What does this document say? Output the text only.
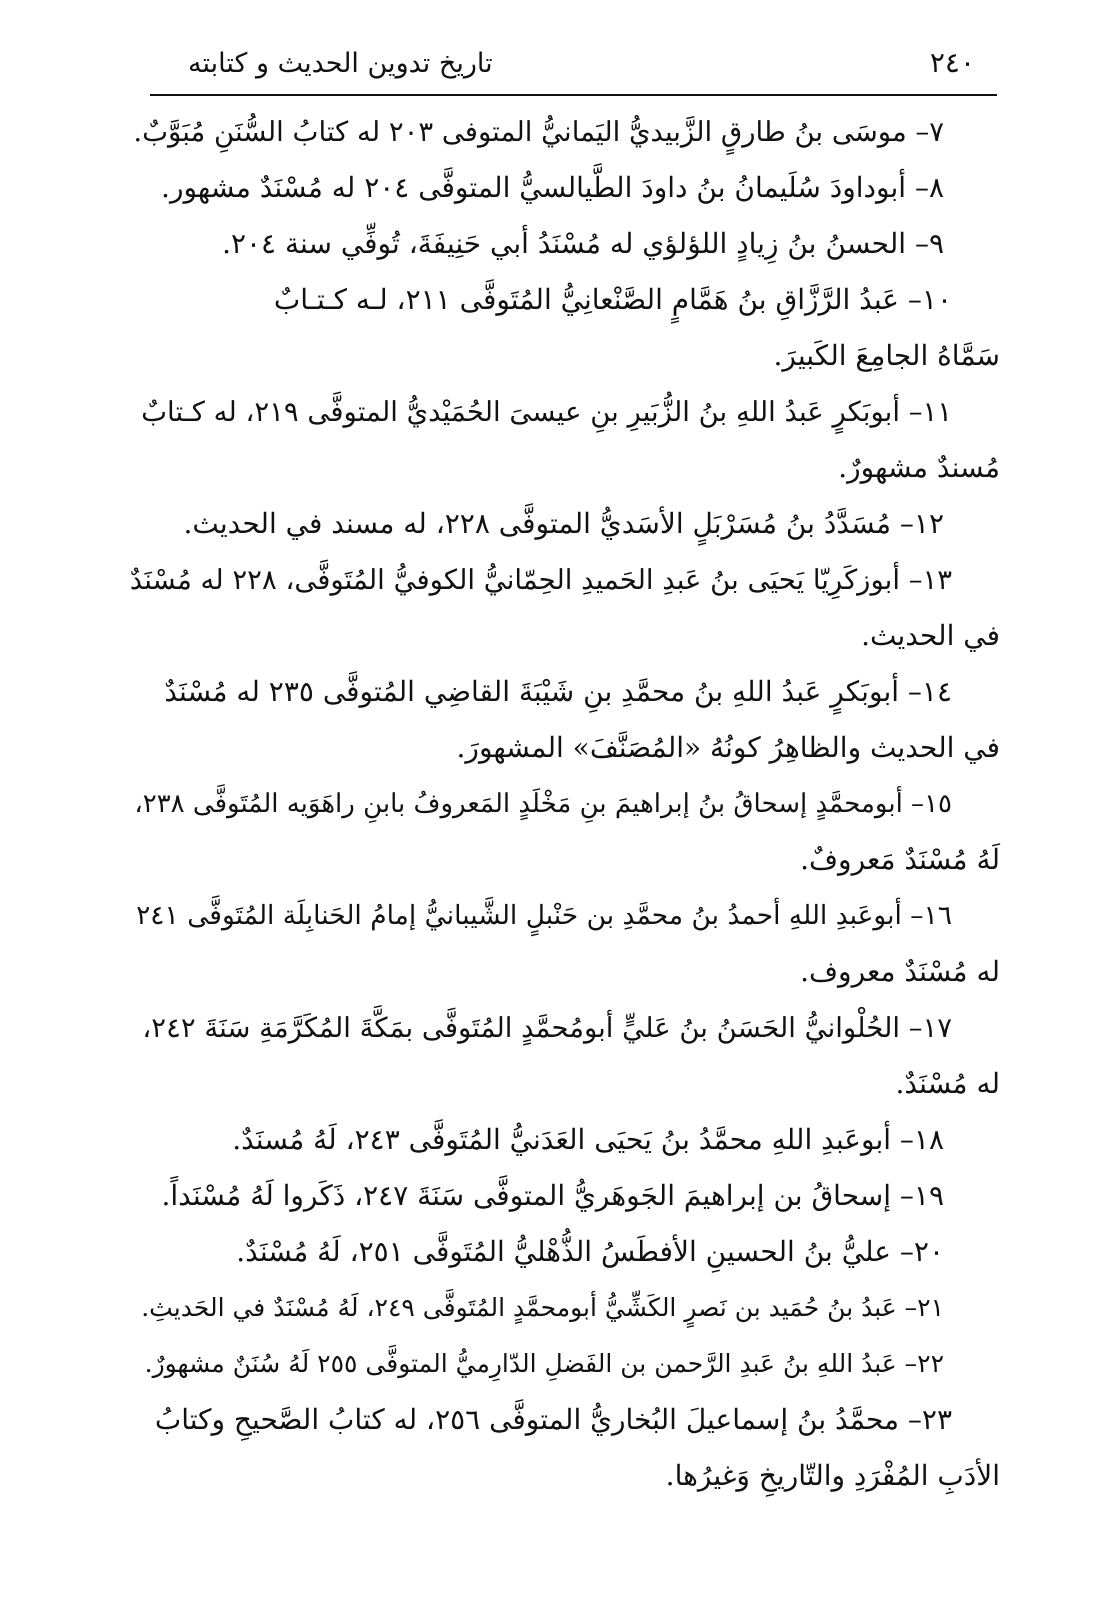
تاريخ تدوين الحديث و كتابته	٢٤٠

٧– موسَى بنُ طارقٍ الزَّبيديُّ اليَمانيُّ المتوفى ٢٠٣ له كتابُ السُّنَنِ مُبَوَّبٌ.

٨– أبوداودَ سُلَيمانُ بنُ داودَ الطَّيالسيُّ المتوفَّى ٢٠٤ له مُسْنَدٌ مشهور.

٩– الحسنُ بنُ زِيادٍ اللؤلؤي له مُسْنَدُ أبي حَنِيفَةَ، تُوفِّي سنة ٢٠٤.

١٠– عَبدُ الرَّزَّاقِ بنُ هَمَّامٍ الصَّنْعانِيُّ المُتَوفَّى ٢١١، لـه كـتـابٌ
سَمَّاهُ الجامِعَ الكَبيرَ.

١١– أبوبَكرٍ عَبدُ اللهِ بنُ الزُّبَيرِ بنِ عيسىَ الحُمَيْديُّ المتوفَّى ٢١٩، له كـتابٌ
مُسندٌ مشهورٌ.

١٢– مُسَدَّدُ بنُ مُسَرْبَلٍ الأسَديُّ المتوفَّى ٢٢٨، له مسند في الحديث.

١٣– أبوزكَرِيّا يَحيَى بنُ عَبدِ الحَميدِ الحِمّانيُّ الكوفيُّ المُتَوفَّى، ٢٢٨ له مُسْنَدٌ
في الحديث.

١٤– أبوبَكرٍ عَبدُ اللهِ بنُ محمَّدِ بنِ شَيْبَةَ القاضِي المُتوفَّى ٢٣٥ له مُسْنَدٌ
في الحديث والظاهِرُ كونُهُ «المُصَنَّفَ» المشهورَ.

١٥– أبومحمَّدٍ إسحاقُ بنُ إبراهيمَ بنِ مَخْلَدٍ المَعروفُ بابنِ راهَوَيه المُتَوفَّى ٢٣٨،
لَهُ مُسْنَدٌ مَعروفٌ.

١٦– أبوعَبدِ اللهِ أحمدُ بنُ محمَّدِ بن حَنْبلٍ الشَّيبانيُّ إمامُ الحَنابِلَة المُتَوفَّى ٢٤١
له مُسْنَدٌ معروف.

١٧– الحُلْوانيُّ الحَسَنُ بنُ عَليٍّ أبومُحمَّدٍ المُتَوفَّى بمَكَّةَ المُكَرَّمَةِ سَنَةَ ٢٤٢،
له مُسْنَدٌ.

١٨– أبوعَبدِ اللهِ محمَّدُ بنُ يَحيَى العَدَنيُّ المُتَوفَّى ٢٤٣، لَهُ مُسنَدٌ.

١٩– إسحاقُ بن إبراهيمَ الجَوهَريُّ المتوفَّى سَنَةَ ٢٤٧، ذَكَروا لَهُ مُسْنَداً.

٢٠– عليُّ بنُ الحسينِ الأفطَسُ الذُّهْليُّ المُتَوفَّى ٢٥١، لَهُ مُسْنَدٌ.

٢١– عَبدُ بنُ حُمَيد بن نَصرٍ الكَشِّيُّ أبومحمَّدٍ المُتَوفَّى ٢٤٩، لَهُ مُسْنَدٌ في الحَديثِ.

٢٢– عَبدُ اللهِ بنُ عَبدِ الرَّحمن بن الفَضلِ الدّارِميُّ المتوفَّى ٢٥٥ لَهُ سُنَنٌ مشهورٌ.

٢٣– محمَّدُ بنُ إسماعيلَ البُخاريُّ المتوفَّى ٢٥٦، له كتابُ الصَّحيحِ وكتابُ
الأدَبِ المُفْرَدِ والتّاريخِ وَغيرُها.
